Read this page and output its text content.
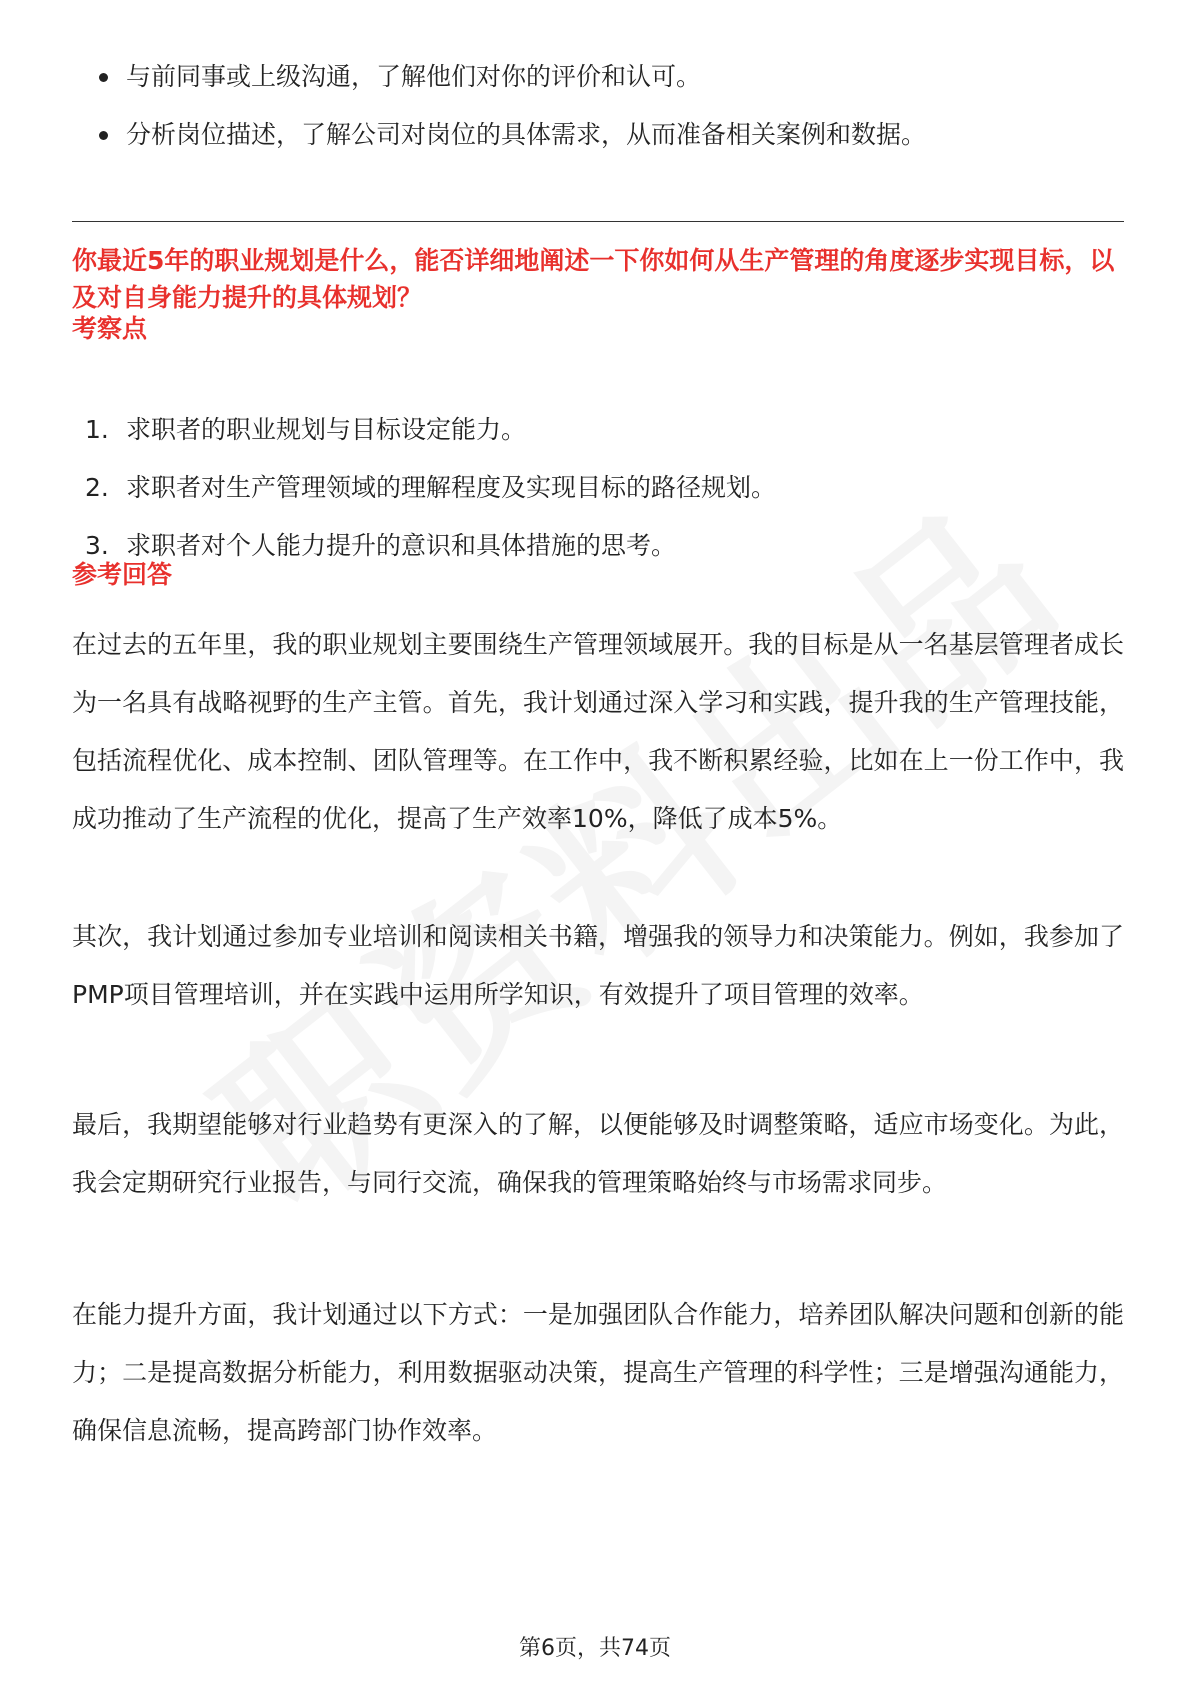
与前同事或上级沟通，了解他们对你的评价和认可。
分析岗位描述，了解公司对岗位的具体需求，从而准备相关案例和数据。

你最近5年的职业规划是什么，能否详细地阐述一下你如何从生产管理的角度逐步实现目标，以及对自身能力提升的具体规划？

考察点

1. 求职者的职业规划与目标设定能力。
2. 求职者对生产管理领域的理解程度及实现目标的路径规划。
3. 求职者对个人能力提升的意识和具体措施的思考。

参考回答

在过去的五年里，我的职业规划主要围绕生产管理领域展开。我的目标是从一名基层管理者成长为一名具有战略视野的生产主管。首先，我计划通过深入学习和实践，提升我的生产管理技能，包括流程优化、成本控制、团队管理等。在工作中，我不断积累经验，比如在上一份工作中，我成功推动了生产流程的优化，提高了生产效率10%，降低了成本5%。

其次，我计划通过参加专业培训和阅读相关书籍，增强我的领导力和决策能力。例如，我参加了PMP项目管理培训，并在实践中运用所学知识，有效提升了项目管理的效率。

最后，我期望能够对行业趋势有更深入的了解，以便能够及时调整策略，适应市场变化。为此，我会定期研究行业报告，与同行交流，确保我的管理策略始终与市场需求同步。

在能力提升方面，我计划通过以下方式：一是加强团队合作能力，培养团队解决问题和创新的能力；二是提高数据分析能力，利用数据驱动决策，提高生产管理的科学性；三是增强沟通能力，确保信息流畅，提高跨部门协作效率。

第6页，共74页
